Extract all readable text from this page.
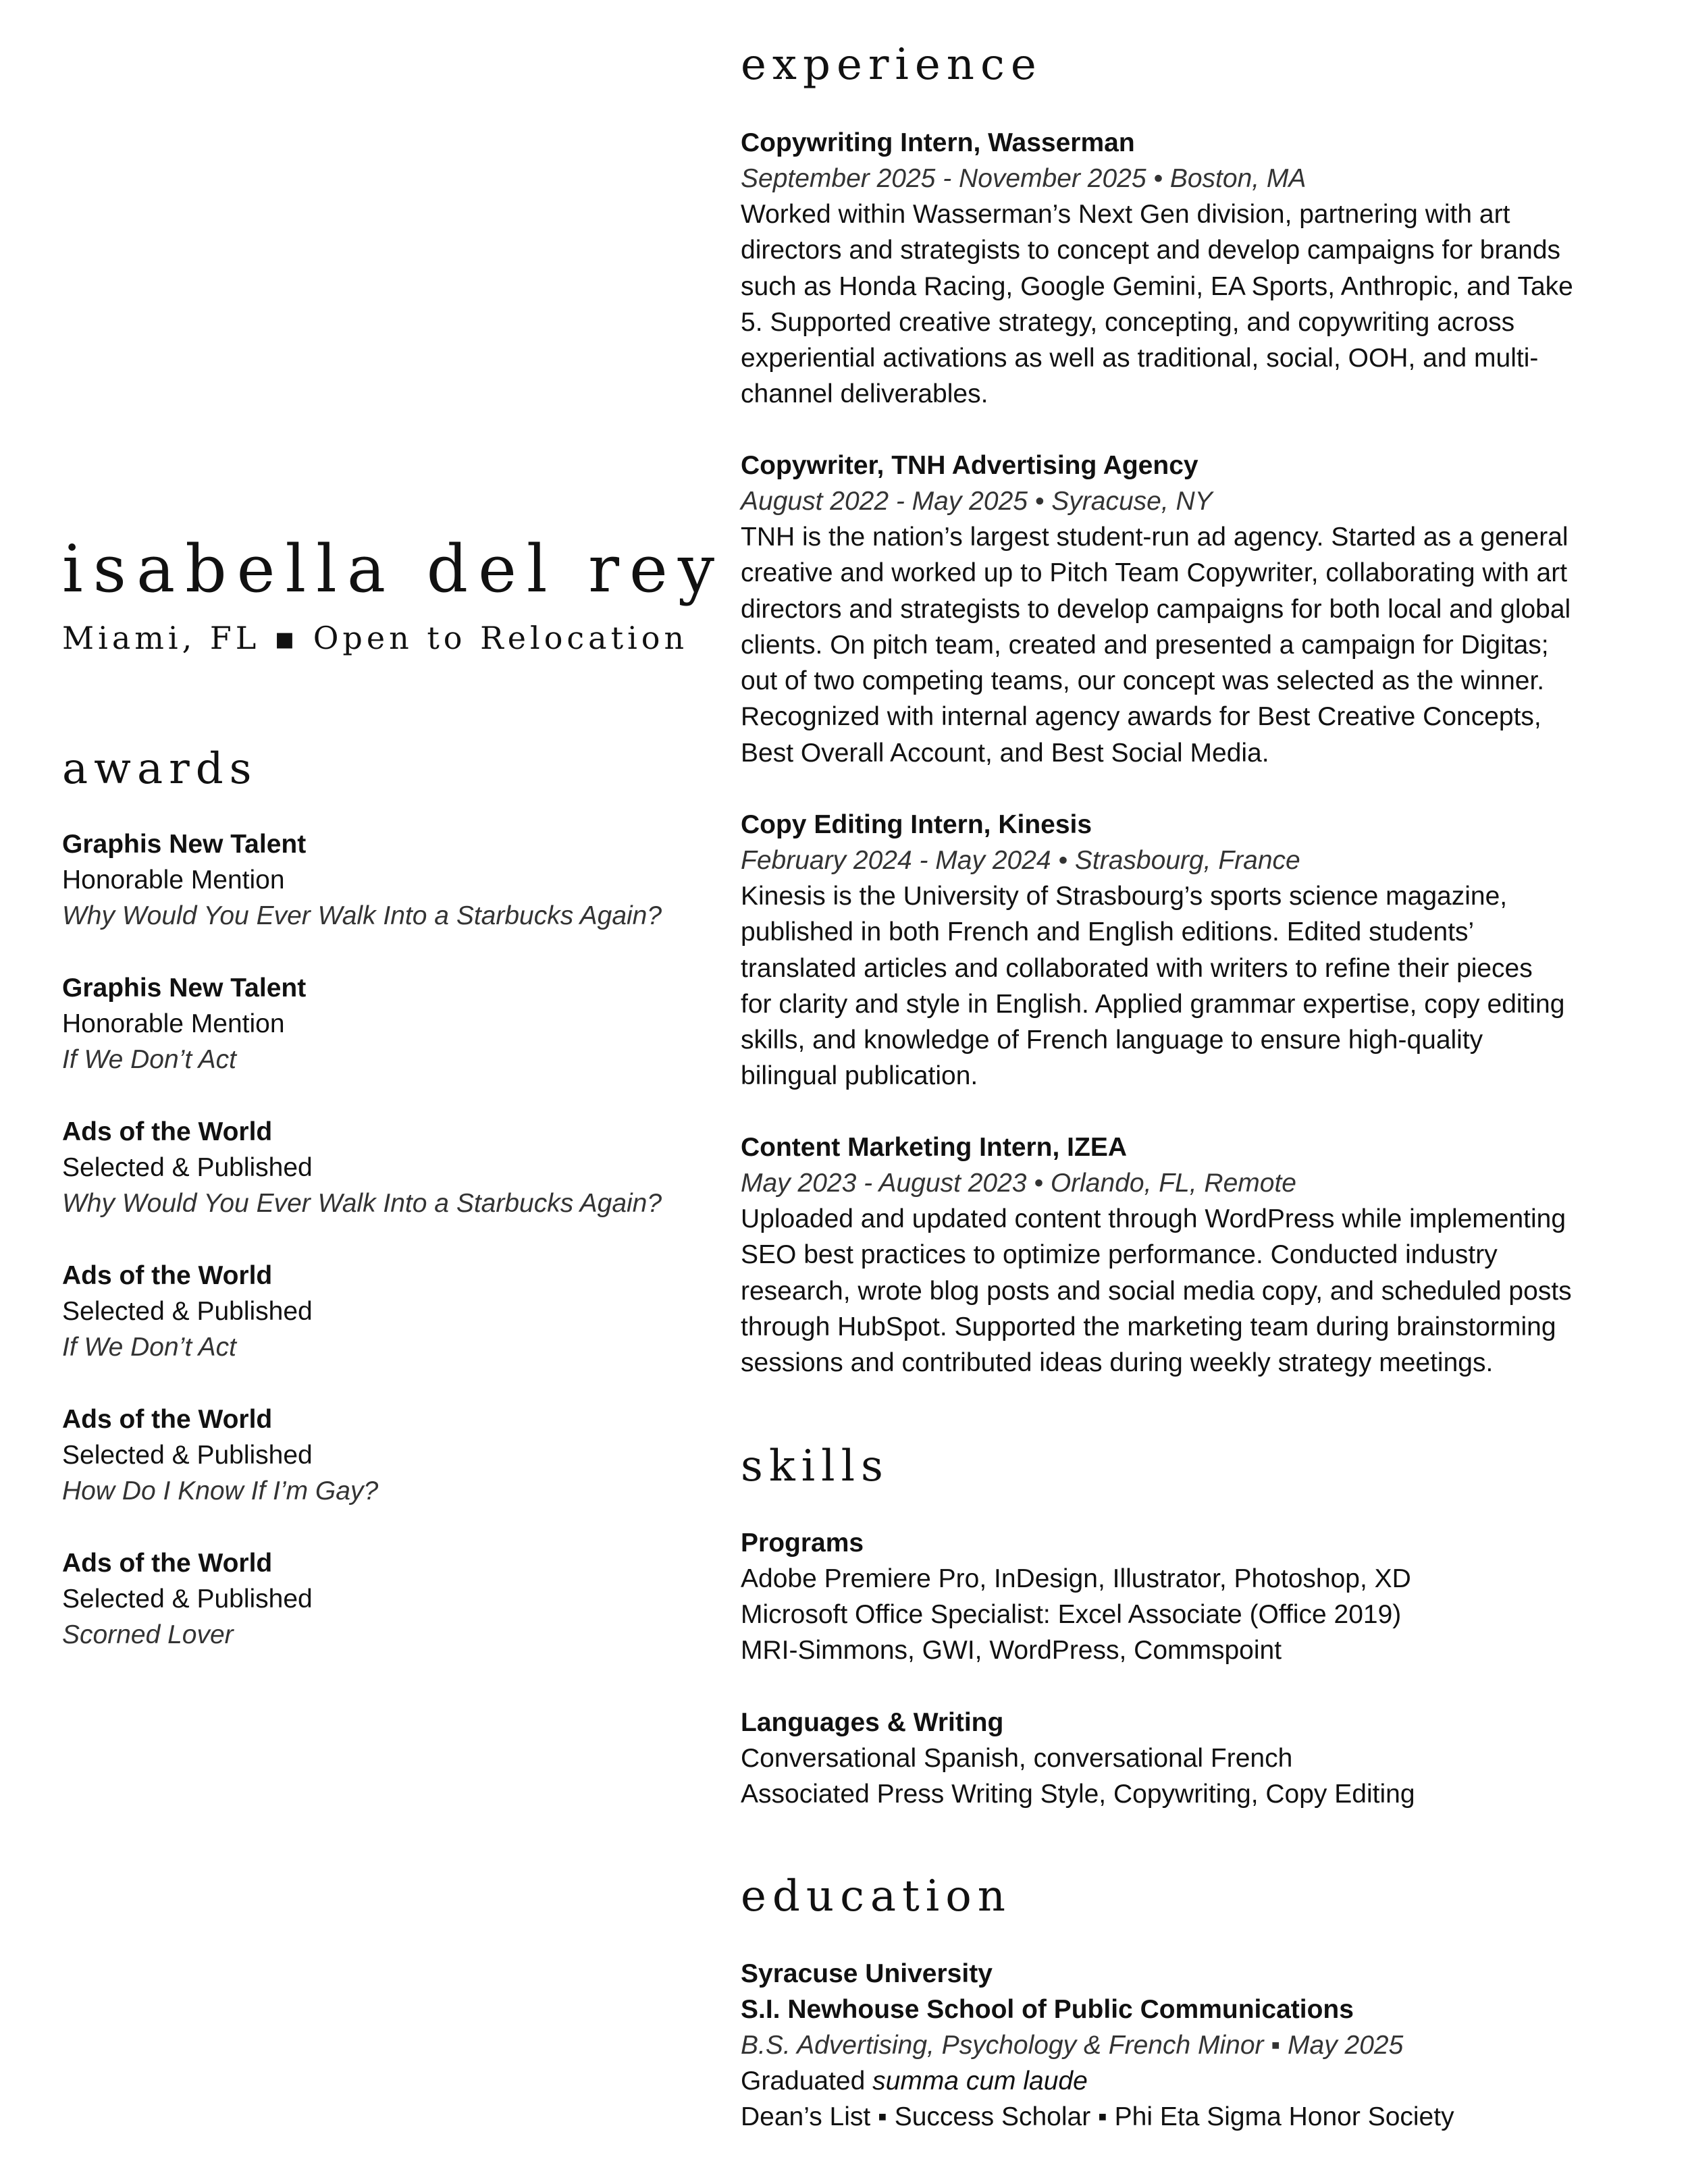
isabella del rey
Miami, FL ▪ Open to Relocation
awards
Graphis New Talent
Honorable Mention
Why Would You Ever Walk Into a Starbucks Again?
Graphis New Talent
Honorable Mention
If We Don’t Act
Ads of the World
Selected & Published
Why Would You Ever Walk Into a Starbucks Again?
Ads of the World
Selected & Published
If We Don’t Act
Ads of the World
Selected & Published
How Do I Know If I’m Gay?
Ads of the World
Selected & Published
Scorned Lover
experience
Copywriting Intern, Wasserman
September 2025 - November 2025 • Boston, MA

Worked within Wasserman’s Next Gen division, partnering with art
directors and strategists to concept and develop campaigns for brands
such as Honda Racing, Google Gemini, EA Sports, Anthropic, and Take
5. Supported creative strategy, concepting, and copywriting across
experiential activations as well as traditional, social, OOH, and multi-
channel deliverables.

Copywriter, TNH Advertising Agency
August 2022 - May 2025 • Syracuse, NY

TNH is the nation’s largest student-run ad agency. Started as a general
creative and worked up to Pitch Team Copywriter, collaborating with art
directors and strategists to develop campaigns for both local and global
clients. On pitch team, created and presented a campaign for Digitas;
out of two competing teams, our concept was selected as the winner.
Recognized with internal agency awards for Best Creative Concepts,
Best Overall Account, and Best Social Media.

Copy Editing Intern, Kinesis
February 2024 - May 2024 • Strasbourg, France

Kinesis is the University of Strasbourg’s sports science magazine,
published in both French and English editions. Edited students’
translated articles and collaborated with writers to refine their pieces
for clarity and style in English. Applied grammar expertise, copy editing
skills, and knowledge of French language to ensure high-quality
bilingual publication.

Content Marketing Intern, IZEA
May 2023 - August 2023 • Orlando, FL, Remote

Uploaded and updated content through WordPress while implementing
SEO best practices to optimize performance. Conducted industry
research, wrote blog posts and social media copy, and scheduled posts
through HubSpot. Supported the marketing team during brainstorming
sessions and contributed ideas during weekly strategy meetings.

skills
Programs
Adobe Premiere Pro, InDesign, Illustrator, Photoshop, XD
Microsoft Office Specialist: Excel Associate (Office 2019)
MRI-Simmons, GWI, WordPress, Commspoint
Languages & Writing
Conversational Spanish, conversational French
Associated Press Writing Style, Copywriting, Copy Editing
education
Syracuse University
S.I. Newhouse School of Public Communications
B.S. Advertising, Psychology & French Minor ▪ May 2025
Graduated summa cum laude
Dean’s List ▪ Success Scholar ▪ Phi Eta Sigma Honor Society
